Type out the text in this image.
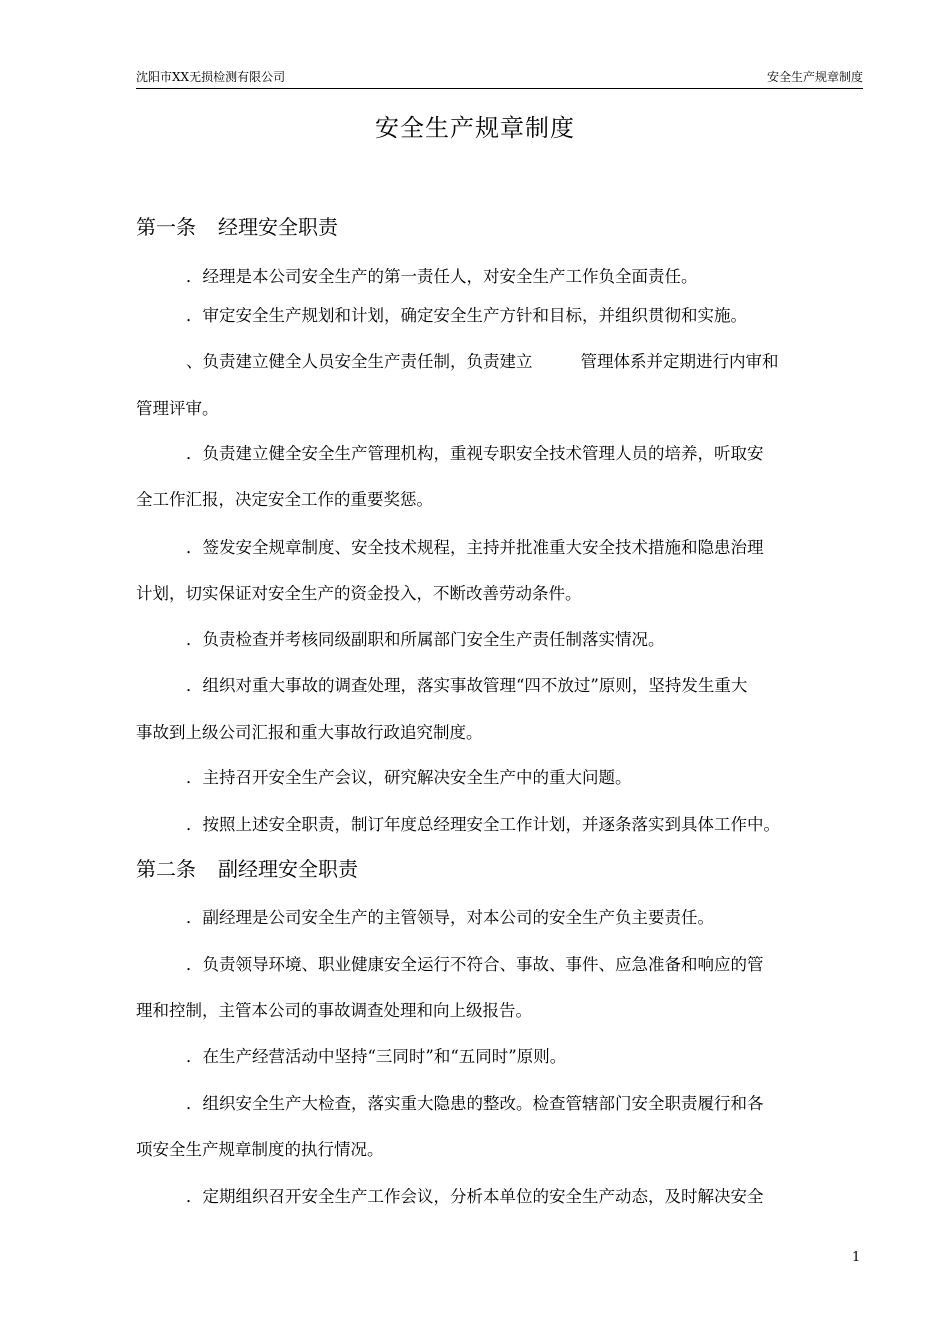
沈阳市XX无损检测有限公司	安全生产规章制度
安全生产规章制度
第一条 经理安全职责
．经理是本公司安全生产的第一责任人，对安全生产工作负全面责任。
．审定安全生产规划和计划，确定安全生产方针和目标，并组织贯彻和实施。
、负责建立健全人员安全生产责任制，负责建立	管理体系并定期进行内审和
管理评审。
．负责建立健全安全生产管理机构，重视专职安全技术管理人员的培养，听取安
全工作汇报，决定安全工作的重要奖惩。
．签发安全规章制度、安全技术规程，主持并批准重大安全技术措施和隐患治理
计划，切实保证对安全生产的资金投入，不断改善劳动条件。
．负责检查并考核同级副职和所属部门安全生产责任制落实情况。
．组织对重大事故的调查处理，落实事故管理“四不放过”原则，坚持发生重大
事故到上级公司汇报和重大事故行政追究制度。
．主持召开安全生产会议，研究解决安全生产中的重大问题。
．按照上述安全职责，制订年度总经理安全工作计划，并逐条落实到具体工作中。
第二条 副经理安全职责
．副经理是公司安全生产的主管领导，对本公司的安全生产负主要责任。
．负责领导环境、职业健康安全运行不符合、事故、事件、应急准备和响应的管
理和控制，主管本公司的事故调查处理和向上级报告。
．在生产经营活动中坚持“三同时”和“五同时”原则。
．组织安全生产大检查，落实重大隐患的整改。检查管辖部门安全职责履行和各
项安全生产规章制度的执行情况。
．定期组织召开安全生产工作会议，分析本单位的安全生产动态，及时解决安全
1
